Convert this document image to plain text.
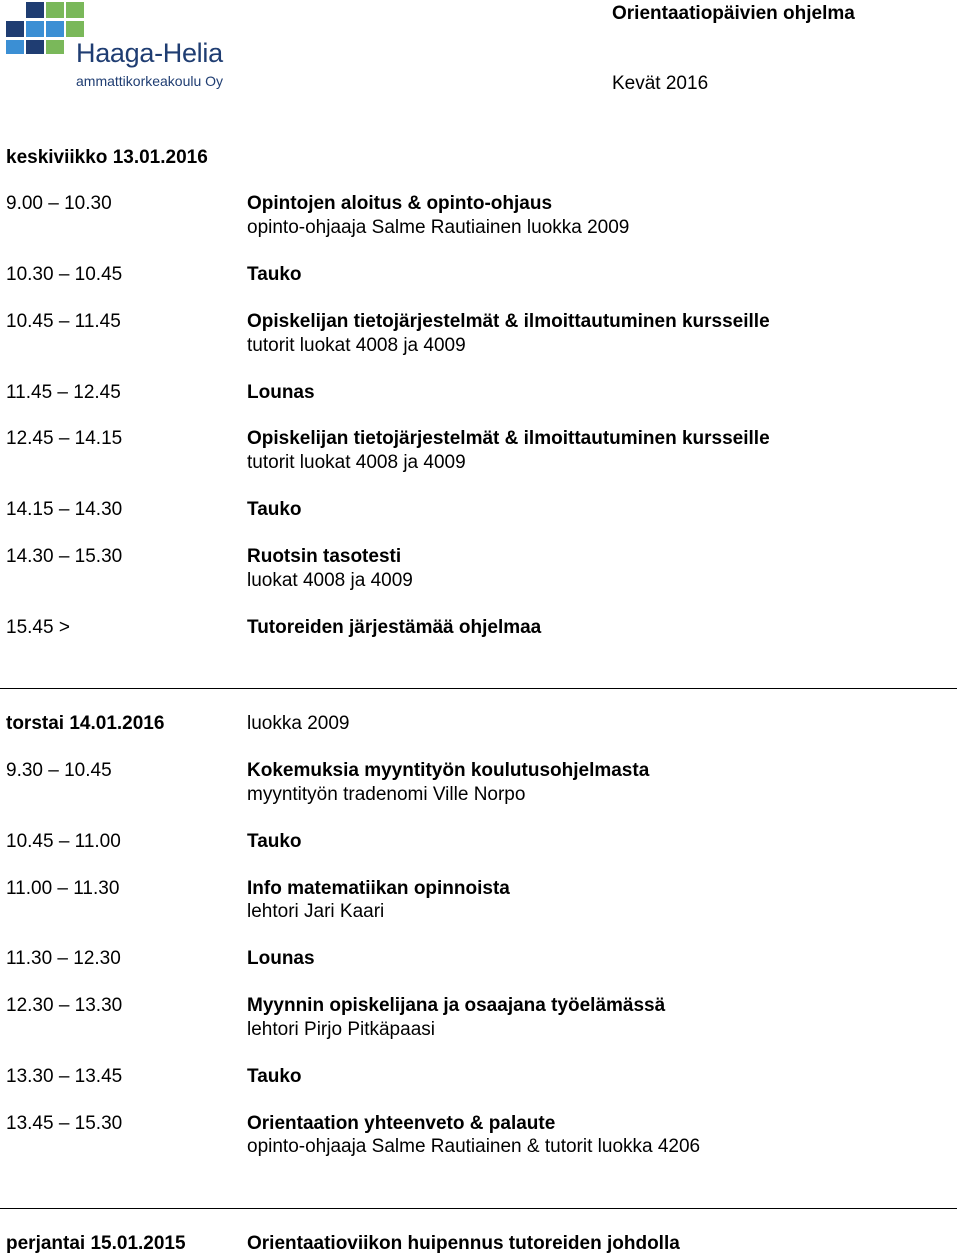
Haaga-Helia
ammattikorkeakoulu Oy
Orientaatiopäivien ohjelma
Kevät 2016
keskiviikko 13.01.2016
9.00 – 10.30	Opintojen aloitus & opinto-ohjaus
opinto-ohjaaja Salme Rautiainen luokka 2009
10.30 – 10.45	Tauko
10.45 – 11.45	Opiskelijan tietojärjestelmät & ilmoittautuminen kursseille
tutorit luokat 4008 ja 4009
11.45 – 12.45	Lounas
12.45 – 14.15	Opiskelijan tietojärjestelmät & ilmoittautuminen kursseille
tutorit luokat 4008 ja 4009
14.15 – 14.30	Tauko
14.30 – 15.30	Ruotsin tasotesti
luokat 4008 ja 4009
15.45 >	Tutoreiden järjestämää ohjelmaa
torstai 14.01.2016	luokka 2009
9.30 – 10.45	Kokemuksia myyntityön koulutusohjelmasta
myyntityön tradenomi Ville Norpo
10.45 – 11.00	Tauko
11.00 – 11.30	Info matematiikan opinnoista
lehtori Jari Kaari
11.30 – 12.30	Lounas
12.30 – 13.30	Myynnin opiskelijana ja osaajana työelämässä
lehtori Pirjo Pitkäpaasi
13.30 – 13.45	Tauko
13.45 – 15.30	Orientaation yhteenveto & palaute
opinto-ohjaaja Salme Rautiainen & tutorit luokka 4206
perjantai 15.01.2015	Orientaatioviikon huipennus tutoreiden johdolla
